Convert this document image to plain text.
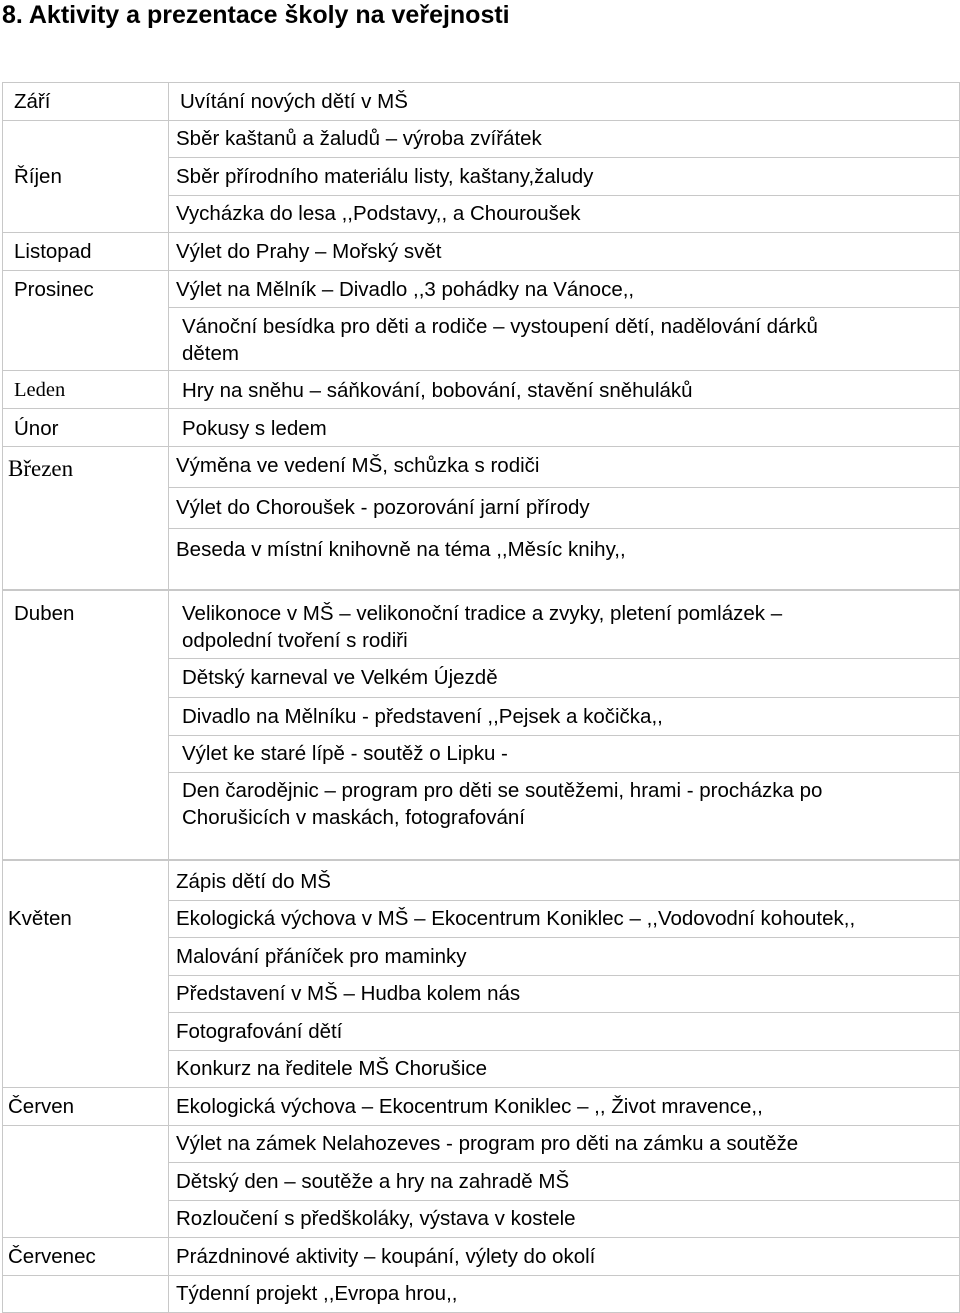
8. Aktivity a prezentace školy na veřejnosti
Září
Říjen
Listopad
Prosinec
Leden
Únor
Březen
Duben
Květen
Červen
Červenec
Uvítání nových dětí v MŠ
Sběr kaštanů a žaludů – výroba zvířátek
Sběr přírodního materiálu listy, kaštany,žaludy
Vycházka do lesa ,,Podstavy,, a Chouroušek
Výlet do Prahy – Mořský svět
Výlet na Mělník – Divadlo ,,3 pohádky na Vánoce,,
Vánoční besídka pro děti a rodiče – vystoupení dětí, nadělování dárků
dětem
Hry na sněhu – sáňkování, bobování, stavění sněhuláků
Pokusy s ledem
Výměna ve vedení MŠ, schůzka s rodiči
Výlet do Choroušek - pozorování jarní přírody
Beseda v místní knihovně na téma ,,Měsíc knihy,,
Velikonoce v MŠ – velikonoční tradice a zvyky, pletení pomlázek –
odpolední tvoření s rodiři
Dětský karneval ve Velkém Újezdě
Divadlo na Mělníku - představení ,,Pejsek a kočička,,
Výlet ke staré lípě - soutěž o Lipku -
Den čarodějnic – program pro děti se soutěžemi, hrami - procházka po
Chorušicích v maskách, fotografování
Zápis dětí do MŠ
Ekologická výchova v MŠ – Ekocentrum Koniklec – ,,Vodovodní kohoutek,,
Malování přáníček pro maminky
Představení v MŠ – Hudba kolem nás
Fotografování dětí
Konkurz na ředitele MŠ Chorušice
Ekologická výchova – Ekocentrum Koniklec – ,, Život mravence,,
Výlet na zámek Nelahozeves - program pro děti na zámku a soutěže
Dětský den – soutěže a hry na zahradě MŠ
Rozloučení s předškoláky, výstava v kostele
Prázdninové aktivity – koupání, výlety do okolí
Týdenní projekt ,,Evropa hrou,,
